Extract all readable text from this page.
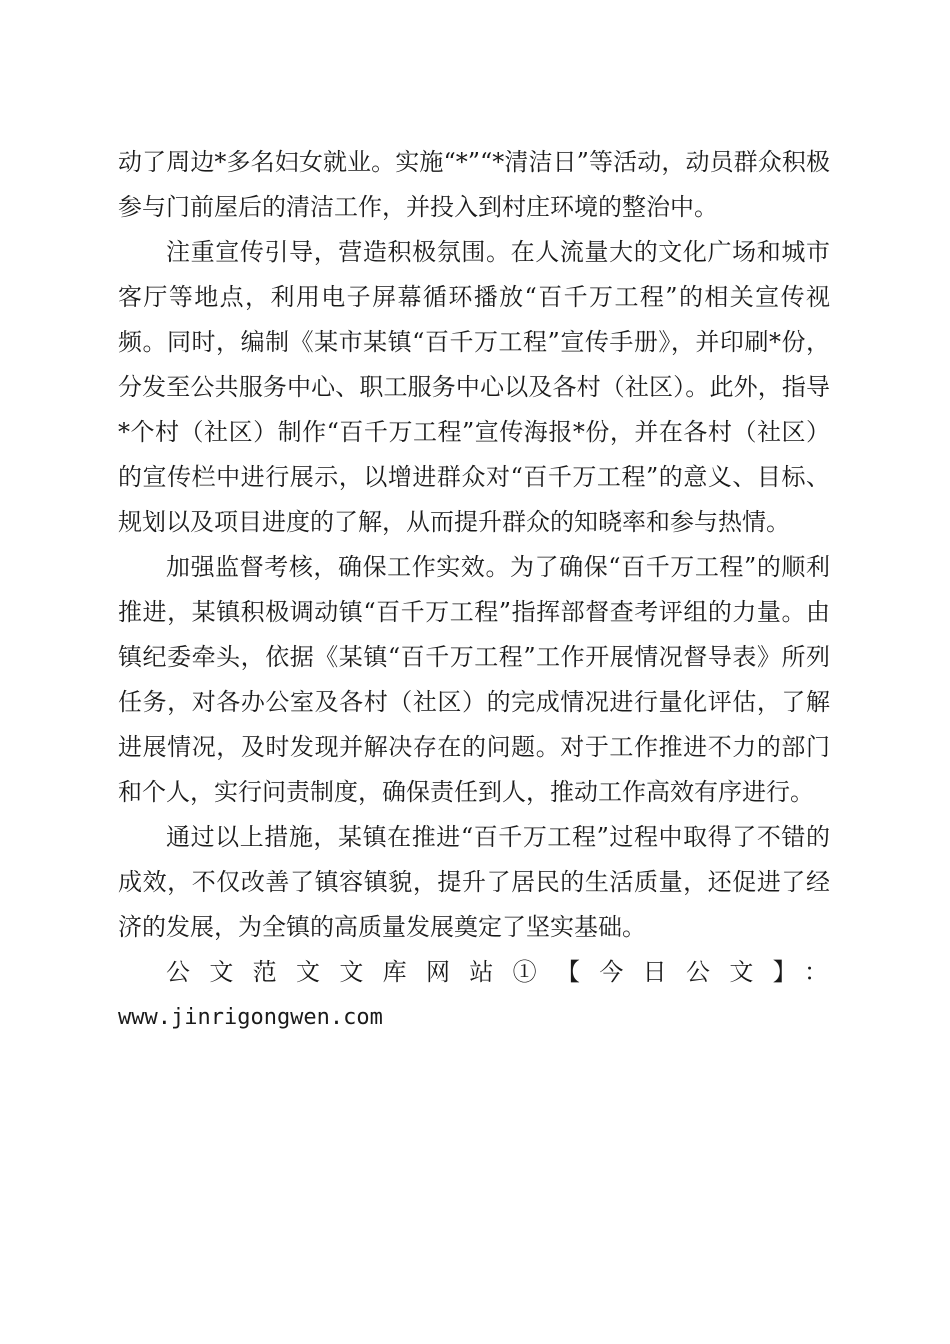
动了周边*多名妇女就业。实施“*”“*清洁日”等活动，动员群众积极参与门前屋后的清洁工作，并投入到村庄环境的整治中。

注重宣传引导，营造积极氛围。在人流量大的文化广场和城市客厅等地点，利用电子屏幕循环播放“百千万工程”的相关宣传视频。同时，编制《某市某镇“百千万工程”宣传手册》，并印刷*份，分发至公共服务中心、职工服务中心以及各村（社区）。此外，指导*个村（社区）制作“百千万工程”宣传海报*份，并在各村（社区）的宣传栏中进行展示，以增进群众对“百千万工程”的意义、目标、规划以及项目进度的了解，从而提升群众的知晓率和参与热情。

加强监督考核，确保工作实效。为了确保“百千万工程”的顺利推进，某镇积极调动镇“百千万工程”指挥部督查考评组的力量。由镇纪委牵头，依据《某镇“百千万工程”工作开展情况督导表》所列任务，对各办公室及各村（社区）的完成情况进行量化评估，了解进展情况，及时发现并解决存在的问题。对于工作推进不力的部门和个人，实行问责制度，确保责任到人，推动工作高效有序进行。

通过以上措施，某镇在推进“百千万工程”过程中取得了不错的成效，不仅改善了镇容镇貌，提升了居民的生活质量，还促进了经济的发展，为全镇的高质量发展奠定了坚实基础。

公文范文文库网站①【今日公文】：

www.jinrigongwen.com
